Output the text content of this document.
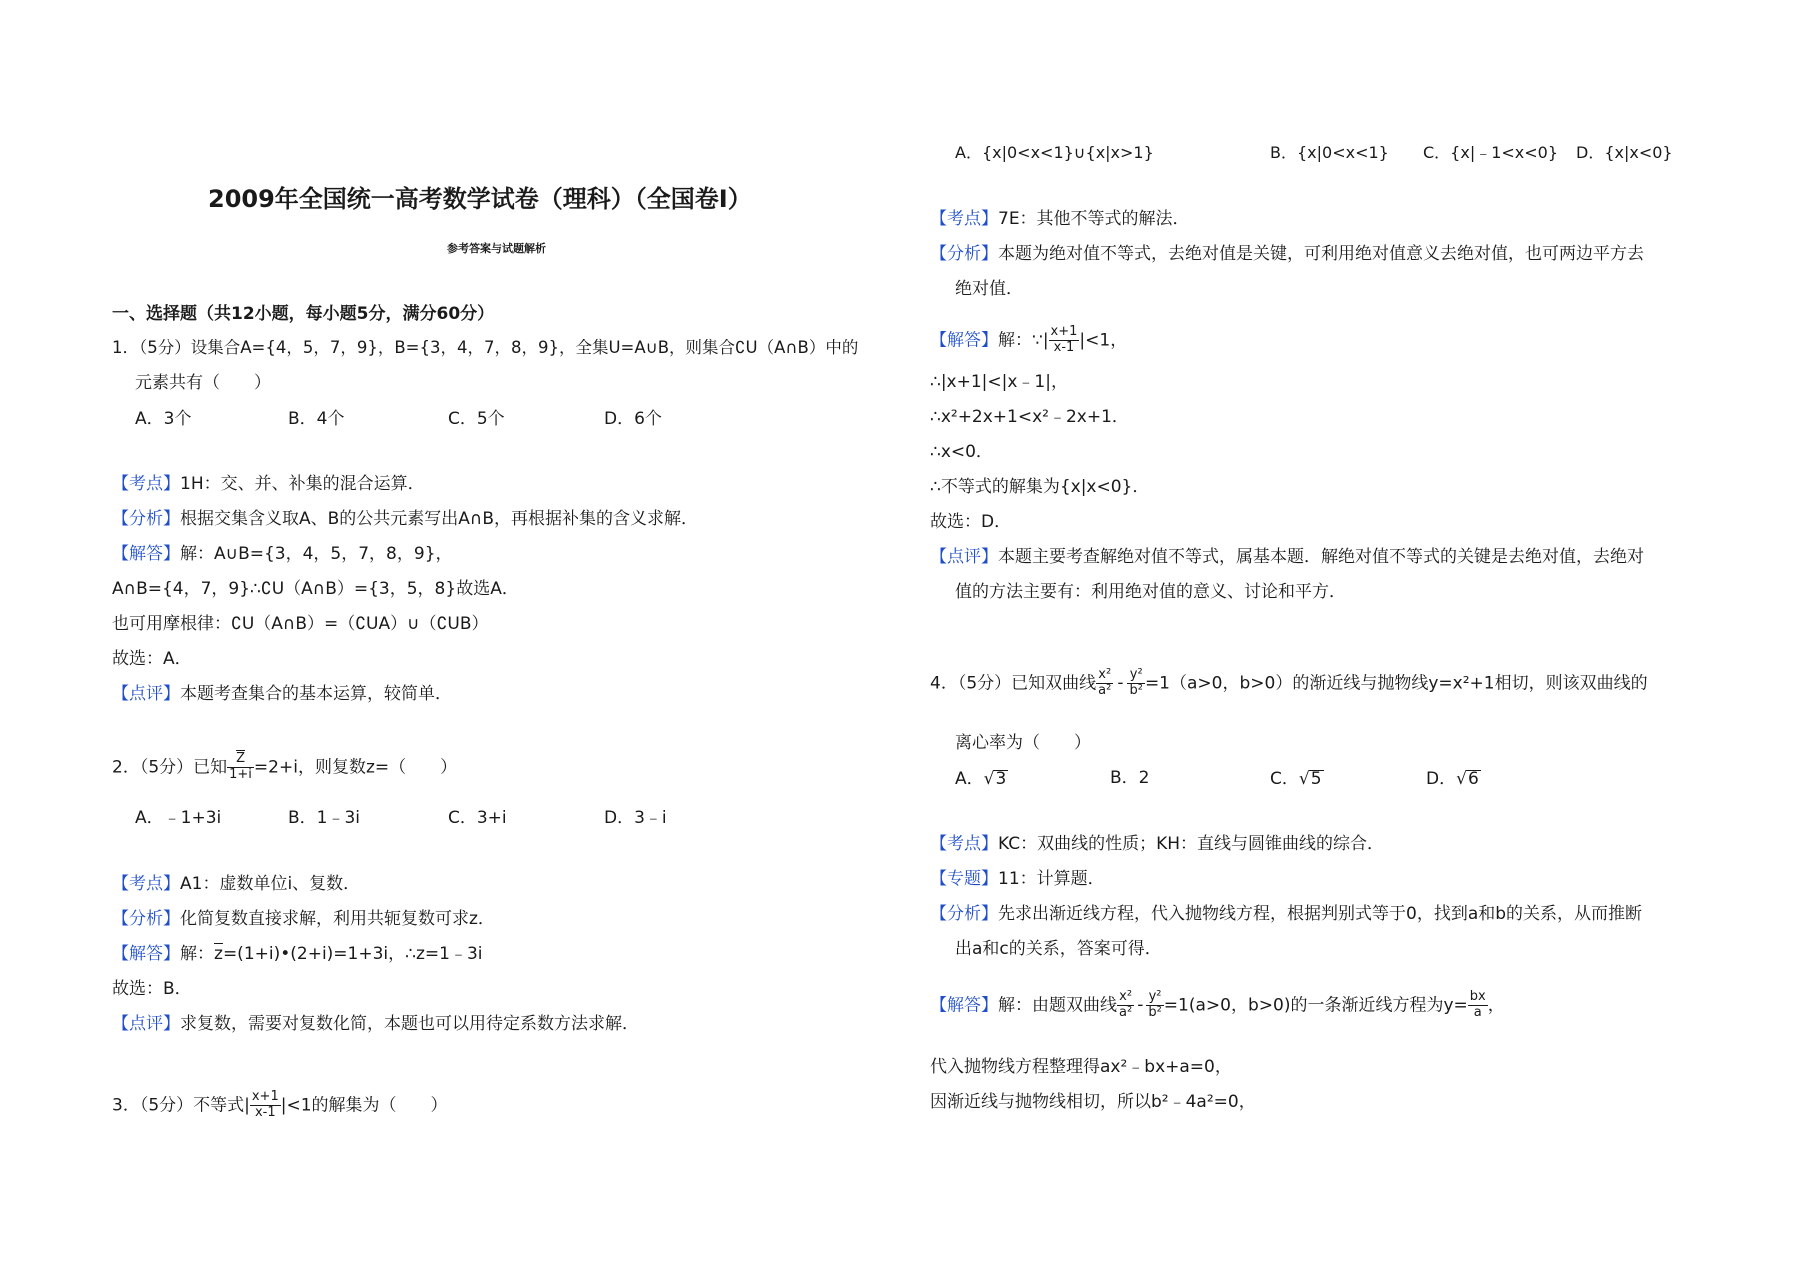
2009年全国统一高考数学试卷（理科）（全国卷I）
参考答案与试题解析
一、选择题（共12小题，每小题5分，满分60分）
1．（5分）设集合A={4，5，7，9}，B={3，4，7，8，9}，全集U=A∪B，则集合∁U（A∩B）中的
元素共有（　　）
A．3个	B．4个	C．5个	D．6个
【考点】1H：交、并、补集的混合运算．
【分析】根据交集含义取A、B的公共元素写出A∩B，再根据补集的含义求解．
【解答】解：A∪B={3，4，5，7，8，9}，
A∩B={4，7，9}∴∁U（A∩B）={3，5，8}故选A．
也可用摩根律：∁U（A∩B）=（∁UA）∪（∁UB）
故选：A．
【点评】本题考查集合的基本运算，较简单．
2．（5分）已知 $\frac{\overline{Z}}{1+i} =2+i$，则复数z=（　　）
A．﹣1+3i	B．1﹣3i	C．3+i	D．3﹣i
【考点】A1：虚数单位i、复数．
【分析】化简复数直接求解，利用共轭复数可求z．
【解答】解：$\overline{z}=(1+i)•(2+i)=1+3i$，∴z=1﹣3i
故选：B．
【点评】求复数，需要对复数化简，本题也可以用待定系数方法求解．
3．（5分）不等式| $\frac{x+1}{x-1} |<1$的解集为（　　）
A．{x|0<x<1}∪{x|x>1}	B．{x|0<x<1} C．{x|﹣1<x<0} D．{x|x<0}
【考点】7E：其他不等式的解法．
【分析】本题为绝对值不等式，去绝对值是关键，可利用绝对值意义去绝对值，也可两边平方去
绝对值．
【解答】解：∵| $\frac{x+1}{x-1} |<1$，
∴|x+1|<|x﹣1|，
∴x²+2x+1<x²﹣2x+1．
∴x<0．
∴不等式的解集为{x|x<0}．
故选：D．
【点评】本题主要考查解绝对值不等式，属基本题．解绝对值不等式的关键是去绝对值，去绝对
值的方法主要有：利用绝对值的意义、讨论和平方．
4．（5分）已知双曲线 $\frac{\text{x²}}{\text{a²}} - \frac{\text{y²}}{\text{b²}} =1(a>0$，b>0）的渐近线与抛物线y=x²+1相切，则该双曲线的
离心率为（　　）
A．√3	B．2	C．√5	D．√6
【考点】KC：双曲线的性质；KH：直线与圆锥曲线的综合．
【专题】11：计算题．
【分析】先求出渐近线方程，代入抛物线方程，根据判别式等于0，找到a和b的关系，从而推断
出a和c的关系，答案可得．
【解答】解：由题双曲线 $\frac{\text{x²}}{\text{a²}} - \frac{\text{y²}}{\text{b²}} =1(a>0$，b>0)的一条渐近线方程为$y= \frac{bx}{a}$ ，
代入抛物线方程整理得ax²﹣bx+a=0，
因渐近线与抛物线相切，所以b²﹣4a²=0，
